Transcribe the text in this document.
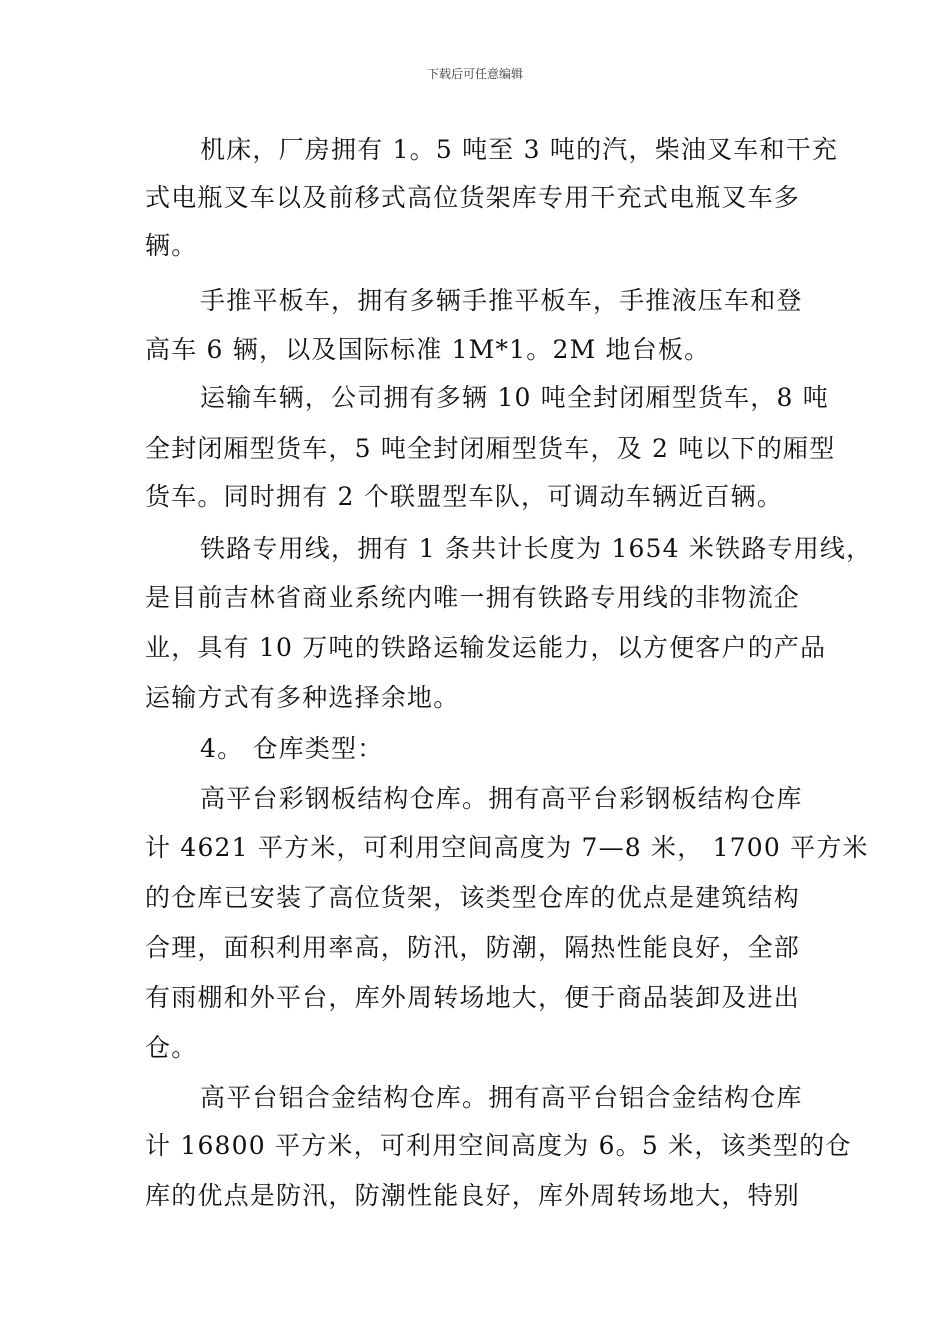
下载后可任意编辑
机床，厂房拥有 1。5 吨至 3 吨的汽，柴油叉车和干充
式电瓶叉车以及前移式高位货架库专用干充式电瓶叉车多
辆。
手推平板车，拥有多辆手推平板车，手推液压车和登
高车 6 辆，以及国际标准 1M*1。2M 地台板。
运输车辆，公司拥有多辆 10 吨全封闭厢型货车，8 吨
全封闭厢型货车，5 吨全封闭厢型货车，及 2 吨以下的厢型
货车。同时拥有 2 个联盟型车队，可调动车辆近百辆。
铁路专用线，拥有 1 条共计长度为 1654 米铁路专用线，
是目前吉林省商业系统内唯一拥有铁路专用线的非物流企
业，具有 10 万吨的铁路运输发运能力，以方便客户的产品
运输方式有多种选择余地。
4。 仓库类型：
高平台彩钢板结构仓库。拥有高平台彩钢板结构仓库
计 4621 平方米，可利用空间高度为 7—8 米， 1700 平方米
的仓库已安装了高位货架，该类型仓库的优点是建筑结构
合理，面积利用率高，防汛，防潮，隔热性能良好，全部
有雨棚和外平台，库外周转场地大，便于商品装卸及进出
仓。
高平台铝合金结构仓库。拥有高平台铝合金结构仓库
计 16800 平方米，可利用空间高度为 6。5 米，该类型的仓
库的优点是防汛，防潮性能良好，库外周转场地大，特别
